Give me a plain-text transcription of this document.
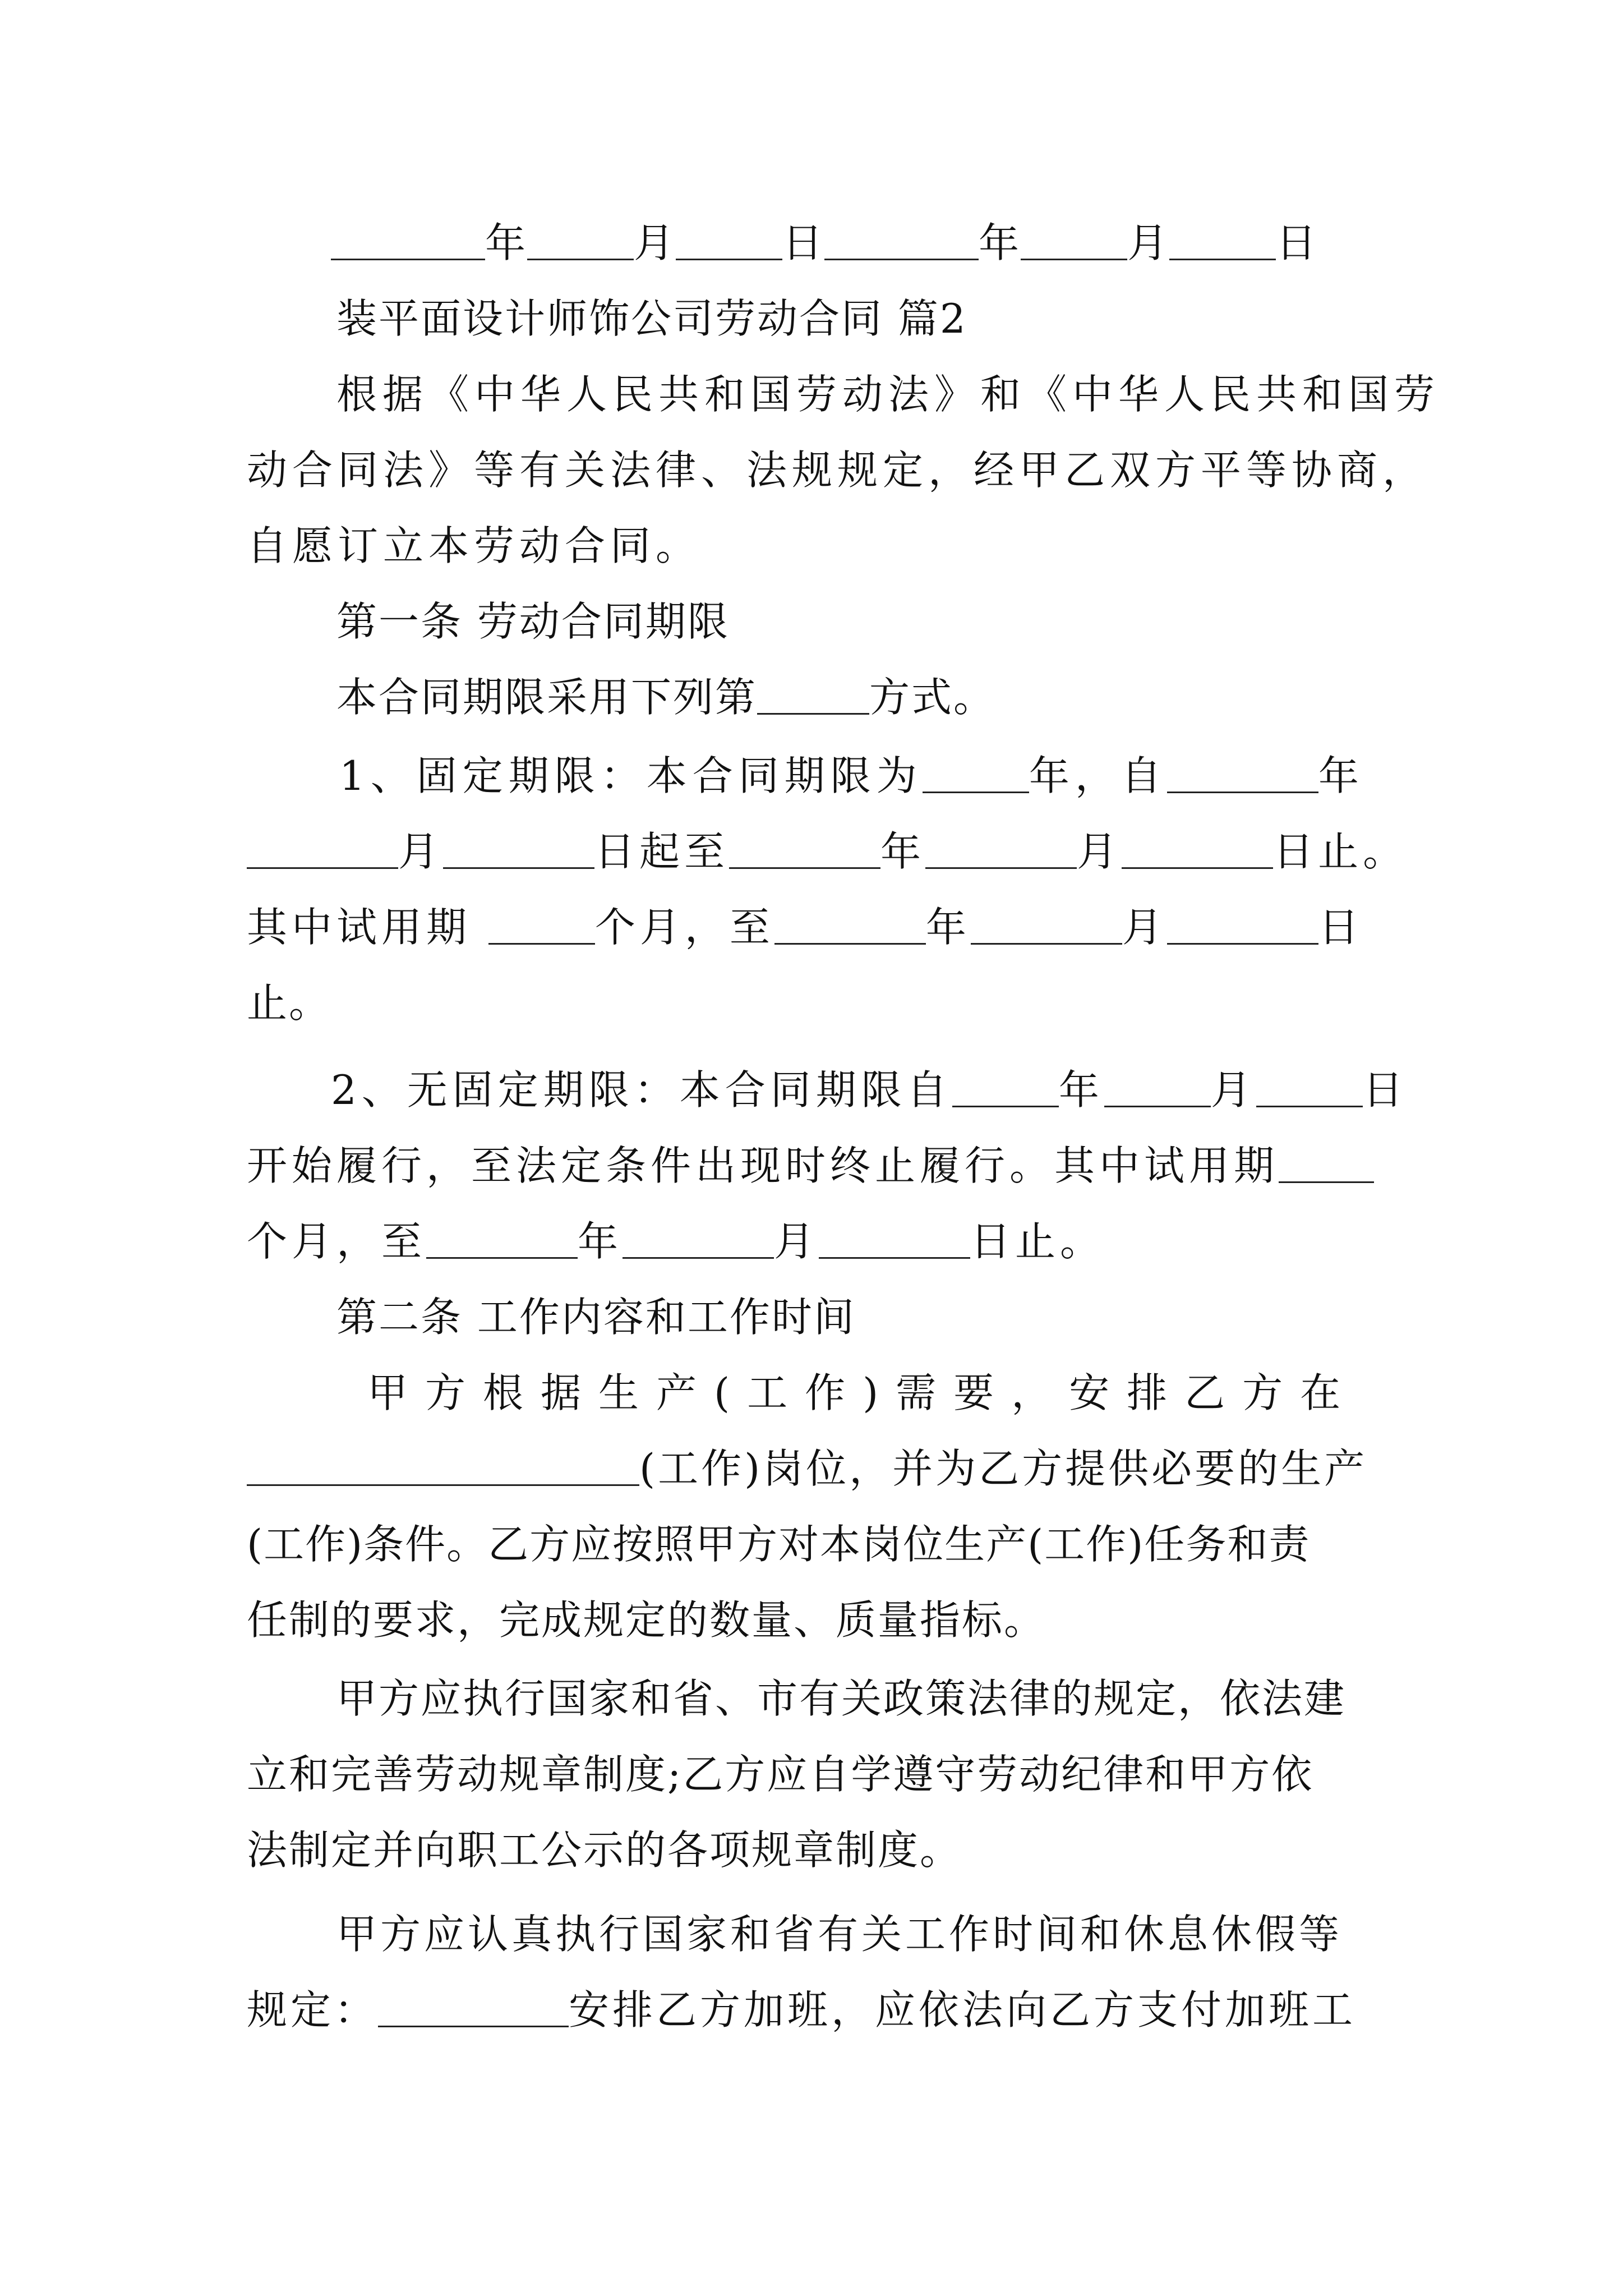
年	月	日	年	月	日
装平面设计师饰公司劳动合同 篇2
根据《中华人民共和国劳动法》和《中华人民共和国劳
动合同法》等有关法律、法规规定，经甲乙双方平等协商，
自愿订立本劳动合同。
第一条 劳动合同期限
本合同期限采用下列第	方式。
1、固定期限：本合同期限为	年，自	年
月	日起至	年	月	日止。
其中试用期	个月，至	年	月	日
止。
2、无固定期限：本合同期限自	年	月	日
开始履行，至法定条件出现时终止履行。其中试用期
个月，至	年	月	日止。
第二条 工作内容和工作时间
甲方根据生产(工作)需要，安排乙方在
(工作)岗位，并为乙方提供必要的生产
(工作)条件。乙方应按照甲方对本岗位生产(工作)任务和责
任制的要求，完成规定的数量、质量指标。
甲方应执行国家和省、市有关政策法律的规定，依法建
立和完善劳动规章制度;乙方应自学遵守劳动纪律和甲方依
法制定并向职工公示的各项规章制度。
甲方应认真执行国家和省有关工作时间和休息休假等
规定：	安排乙方加班，应依法向乙方支付加班工
